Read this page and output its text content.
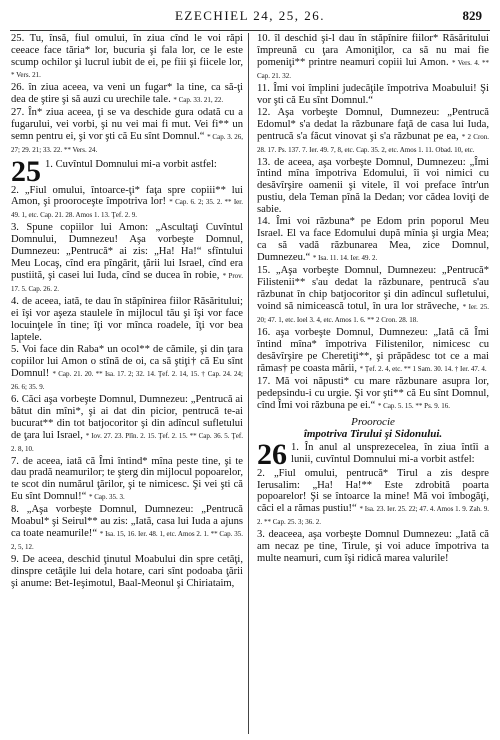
EZECHIEL 24, 25, 26.	829

25. Tu, însă, fiul omului, în ziua cînd le voi răpi ceeace face tăria* lor, bucuria şi fala lor, ce le este scump ochilor şi lucrul iubit de ei, pe fiii şi fiicele lor, * Vers. 21.

26. în ziua aceea, va veni un fugar* la tine, ca să-ţi dea de ştire şi să auzi cu urechile tale. * Cap. 33. 21, 22.

27. În* ziua aceea, ţi se va deschide gura odată cu a fugarului, vei vorbi, şi nu vei mai fi mut. Vei fi** un semn pentru ei, şi vor şti că Eu sînt Domnul.“ * Cap. 3. 26, 27; 29. 21; 33. 22. ** Vers. 24.

25 1. Cuvîntul Domnului mi-a vorbit astfel:

2. „Fiul omului, întoarce-ţi* faţa spre copiii** lui Amon, şi prooroceşte împotriva lor! * Cap. 6. 2; 35. 2. ** Ier. 49. 1, etc. Cap. 21. 28. Amos 1. 13. Ţef. 2. 9.

3. Spune copiilor lui Amon: „Ascultaţi Cuvîntul Domnului, Dumnezeu! Aşa vorbeşte Domnul, Dumnezeu: „Pentrucă* ai zis: „Ha! Ha!“ sfîntului Meu Locaş, cînd era pîngărit, ţării lui Israel, cînd era pustiită, şi casei lui Iuda, cînd se ducea în robie, * Prov. 17. 5. Cap. 26. 2.

4. de aceea, iată, te dau în stăpînirea fiilor Răsăritului; ei îşi vor aşeza staulele în mijlocul tău şi îşi vor face locuinţele în tine; îţi vor mînca roadele, îţi vor bea laptele.

5. Voi face din Raba* un ocol** de cămile, şi din ţara copiilor lui Amon o stînă de oi, ca să ştiţi† că Eu sînt Domnul! * Cap. 21. 20. ** Isa. 17. 2; 32. 14. Ţef. 2. 14, 15. † Cap. 24. 24; 26. 6; 35. 9.

6. Căci aşa vorbeşte Domnul, Dumnezeu: „Pentrucă ai bătut din mîni*, şi ai dat din picior, pentrucă te-ai bucurat** din tot batjocoritor şi din adîncul sufletului de ţara lui Israel, * Iov. 27. 23. Plîn. 2. 15. Ţef. 2. 15. ** Cap. 36. 5. Ţef. 2. 8, 10.

7. de aceea, iată că Îmi întind* mîna peste tine, şi te dau pradă neamurilor; te şterg din mijlocul popoarelor, te scot din numărul ţărilor, şi te nimicesc. Şi vei şti că Eu sînt Domnul!“ * Cap. 35. 3.

8. „Aşa vorbeşte Domnul, Dumnezeu: „Pentrucă Moabul* şi Seirul** au zis: „Iată, casa lui Iuda a ajuns ca toate neamurile!“ * Isa. 15, 16. Ier. 48. 1, etc. Amos 2. 1. ** Cap. 35. 2, 5, 12.

9. De aceea, deschid ţinutul Moabului din spre cetăţi, dinspre cetăţile lui dela hotare, cari sînt podoaba ţării şi anume: Bet-Ieşimotul, Baal-Meonul şi Chiriataim,

10. îl deschid şi-l dau în stăpînire fiilor* Răsăritului împreună cu ţara Amoniţilor, ca să nu mai fie pomeniţi** printre neamuri copiii lui Amon. * Vers. 4. ** Cap. 21. 32.

11. Îmi voi împlini judecăţile împotriva Moabului! Şi vor şti că Eu sînt Domnul.“

12. Aşa vorbeşte Domnul, Dumnezeu: „Pentrucă Edomul* s'a dedat la răzbunare faţă de casa lui Iuda, pentrucă s'a făcut vinovat şi s'a răzbunat pe ea, * 2 Cron. 28. 17. Ps. 137. 7. Ier. 49. 7, 8, etc. Cap. 35. 2, etc. Amos 1. 11. Obad. 10, etc.

13. de aceea, aşa vorbeşte Domnul, Dumnezeu: „Îmi întind mîna împotriva Edomului, îi voi nimici cu desăvîrşire oamenii şi vitele, îl voi preface într'un pustiu, dela Teman pînă la Dedan; vor cădea loviţi de sabie.

14. Îmi voi răzbuna* pe Edom prin poporul Meu Israel. El va face Edomului după mînia şi urgia Mea; ca să vadă răzbunarea Mea, zice Domnul, Dumnezeu.“ * Isa. 11. 14. Ier. 49. 2.

15. „Aşa vorbeşte Domnul, Dumnezeu: „Pentrucă* Filistenii** s'au dedat la răzbunare, pentrucă s'au răzbunat în chip batjocoritor şi din adîncul sufletului, voind să nimicească totul, în ura lor străveche, * Ier. 25. 20; 47. 1, etc. Ioel 3. 4, etc. Amos 1. 6. ** 2 Cron. 28. 18.

16. aşa vorbeşte Domnul, Dumnezeu: „Iată că Îmi întind mîna* împotriva Filistenilor, nimicesc cu desăvîrşire pe Cheretiţi**, şi prăpădesc tot ce a mai rămas† pe coasta mării, * Ţef. 2. 4, etc. ** 1 Sam. 30. 14. † Ier. 47. 4.

17. Mă voi năpusti* cu mare răzbunare asupra lor, pedepsindu-i cu urgie. Şi vor şti** că Eu sînt Domnul, cînd Îmi voi răzbuna pe ei.“ * Cap. 5. 15. ** Ps. 9. 16.

Proorocie
împotriva Tirului şi Sidonului.
26 1. În anul al unsprezecelea, în ziua întîi a lunii, cuvîntul Domnului mi-a vorbit astfel:

2. „Fiul omului, pentrucă* Tirul a zis despre Ierusalim: „Ha! Ha!** Este zdrobită poarta popoarelor! Şi se întoarce la mine! Mă voi îmbogăţi, căci el a rămas pustiu!“ * Isa. 23. Ier. 25. 22; 47. 4. Amos 1. 9. Zah. 9. 2. ** Cap. 25. 3; 36. 2.

3. deaceea, aşa vorbeşte Domnul Dumnezeu: „Iată că am necaz pe tine, Tirule, şi voi aduce împotriva ta multe neamuri, cum îşi ridică marea valurile!
